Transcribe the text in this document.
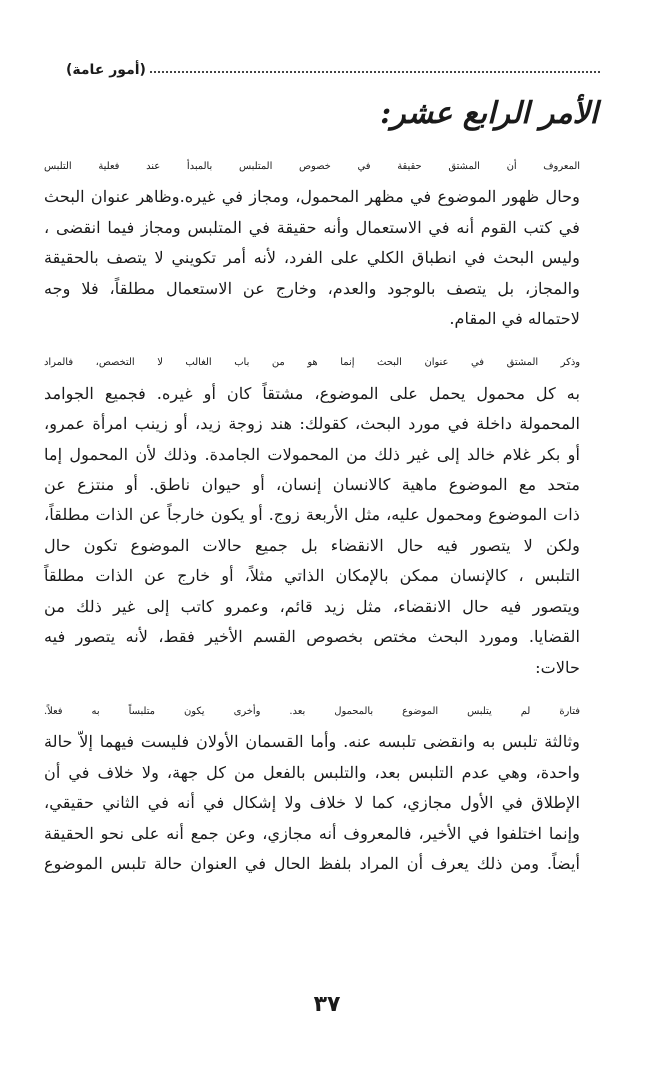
(أمور عامة)
الأمر الرابع عشر:

المعروف أن المشتق حقيقة في خصوص المتلبس بالمبدأ عند فعلية التلبس
وحال ظهور الموضوع في مظهر المحمول، ومجاز في غيره.وظاهر عنوان البحث
في كتب القوم أنه في الاستعمال وأنه حقيقة في المتلبس ومجاز فيما انقضى ،
وليس البحث في انطباق الكلي على الفرد، لأنه أمر تكويني لا يتصف بالحقيقة
والمجاز، بل يتصف بالوجود والعدم، وخارج عن الاستعمال مطلقاً، فلا وجه
لاحتماله في المقام.

وذكر المشتق في عنوان البحث إنما هو من باب الغالب لا التخصص، فالمراد
به كل محمول يحمل على الموضوع، مشتقاً كان أو غيره. فجميع الجوامد
المحمولة داخلة في مورد البحث، كقولك: هند زوجة زيد، أو زينب امرأة عمرو،
أو بكر غلام خالد إلى غير ذلك من المحمولات الجامدة. وذلك لأن المحمول إما
متحد مع الموضوع ماهية كالانسان إنسان، أو حيوان ناطق. أو منتزع عن
ذات الموضوع ومحمول عليه، مثل الأربعة زوج. أو يكون خارجاً عن الذات مطلقاً،
ولكن لا يتصور فيه حال الانقضاء بل جميع حالات الموضوع تكون حال
التلبس ، كالإنسان ممكن بالإمكان الذاتي مثلاً، أو خارج عن الذات مطلقاً
ويتصور فيه حال الانقضاء، مثل زيد قائم، وعمرو كاتب إلى غير ذلك من
القضايا. ومورد البحث مختص بخصوص القسم الأخير فقط، لأنه يتصور فيه
حالات:

فتارة لم يتلبس الموضوع بالمحمول بعد. وأخرى يكون متلبساً به فعلاً.
وثالثة تلبس به وانقضى تلبسه عنه. وأما القسمان الأولان فليست فيهما إلاّ حالة
واحدة، وهي عدم التلبس بعد، والتلبس بالفعل من كل جهة، ولا خلاف في أن
الإطلاق في الأول مجازي، كما لا خلاف ولا إشكال في أنه في الثاني حقيقي،
وإنما اختلفوا في الأخير، فالمعروف أنه مجازي، وعن جمع أنه على نحو الحقيقة
أيضاً. ومن ذلك يعرف أن المراد بلفظ الحال في العنوان حالة تلبس الموضوع

٣٧
